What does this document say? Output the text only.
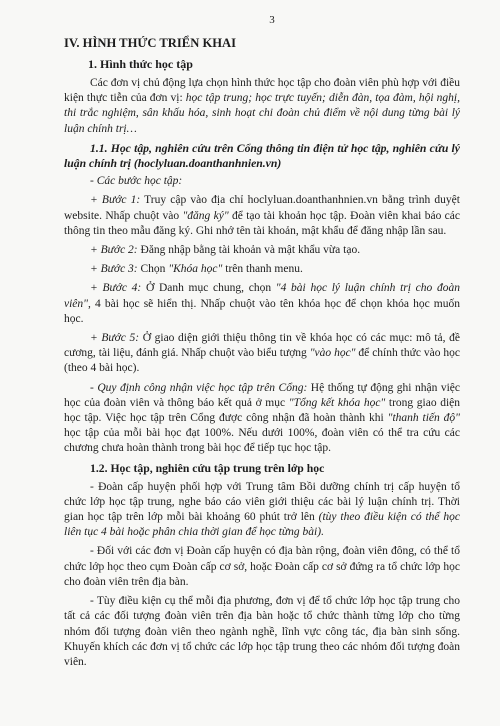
3
IV. HÌNH THỨC TRIỂN KHAI
1. Hình thức học tập

Các đơn vị chủ động lựa chọn hình thức học tập cho đoàn viên phù hợp với điều kiện thực tiễn của đơn vị: học tập trung; học trực tuyến; diễn đàn, tọa đàm, hội nghị, thi trắc nghiệm, sân khấu hóa, sinh hoạt chi đoàn chủ điểm về nội dung từng bài lý luận chính trị…

1.1. Học tập, nghiên cứu trên Cổng thông tin điện tử học tập, nghiên cứu lý luận chính trị (hoclyluan.doanthanhnien.vn)

- Các bước học tập:

+ Bước 1: Truy cập vào địa chỉ hoclyluan.doanthanhnien.vn bằng trình duyệt website. Nhấp chuột vào "đăng ký" để tạo tài khoản học tập. Đoàn viên khai báo các thông tin theo mẫu đăng ký. Ghi nhớ tên tài khoản, mật khẩu để đăng nhập lần sau.

+ Bước 2: Đăng nhập bằng tài khoản và mật khẩu vừa tạo.

+ Bước 3: Chọn "Khóa học" trên thanh menu.

+ Bước 4: Ở Danh mục chung, chọn "4 bài học lý luận chính trị cho đoàn viên", 4 bài học sẽ hiển thị. Nhấp chuột vào tên khóa học để chọn khóa học muốn học.

+ Bước 5: Ở giao diện giới thiệu thông tin về khóa học có các mục: mô tả, đề cương, tài liệu, đánh giá. Nhấp chuột vào biểu tượng "vào học" để chính thức vào học (theo 4 bài học).

- Quy định công nhận việc học tập trên Cổng: Hệ thống tự động ghi nhận việc học của đoàn viên và thông báo kết quả ở mục "Tổng kết khóa học" trong giao diện học tập. Việc học tập trên Cổng được công nhận đã hoàn thành khi "thanh tiến độ" học tập của mỗi bài học đạt 100%. Nếu dưới 100%, đoàn viên có thể tra cứu các chương chưa hoàn thành trong bài học để tiếp tục học tập.

1.2. Học tập, nghiên cứu tập trung trên lớp học

- Đoàn cấp huyện phối hợp với Trung tâm Bồi dưỡng chính trị cấp huyện tổ chức lớp học tập trung, nghe báo cáo viên giới thiệu các bài lý luận chính trị. Thời gian học tập trên lớp mỗi bài khoảng 60 phút trở lên (tùy theo điều kiện có thể học liên tục 4 bài hoặc phân chia thời gian để học từng bài).

- Đối với các đơn vị Đoàn cấp huyện có địa bàn rộng, đoàn viên đông, có thể tổ chức lớp học theo cụm Đoàn cấp cơ sở, hoặc Đoàn cấp cơ sở đứng ra tổ chức lớp học cho đoàn viên trên địa bàn.

- Tùy điều kiện cụ thể mỗi địa phương, đơn vị để tổ chức lớp học tập trung cho tất cả các đối tượng đoàn viên trên địa bàn hoặc tổ chức thành từng lớp cho từng nhóm đối tượng đoàn viên theo ngành nghề, lĩnh vực công tác, địa bàn sinh sống. Khuyến khích các đơn vị tổ chức các lớp học tập trung theo các nhóm đối tượng đoàn viên.
